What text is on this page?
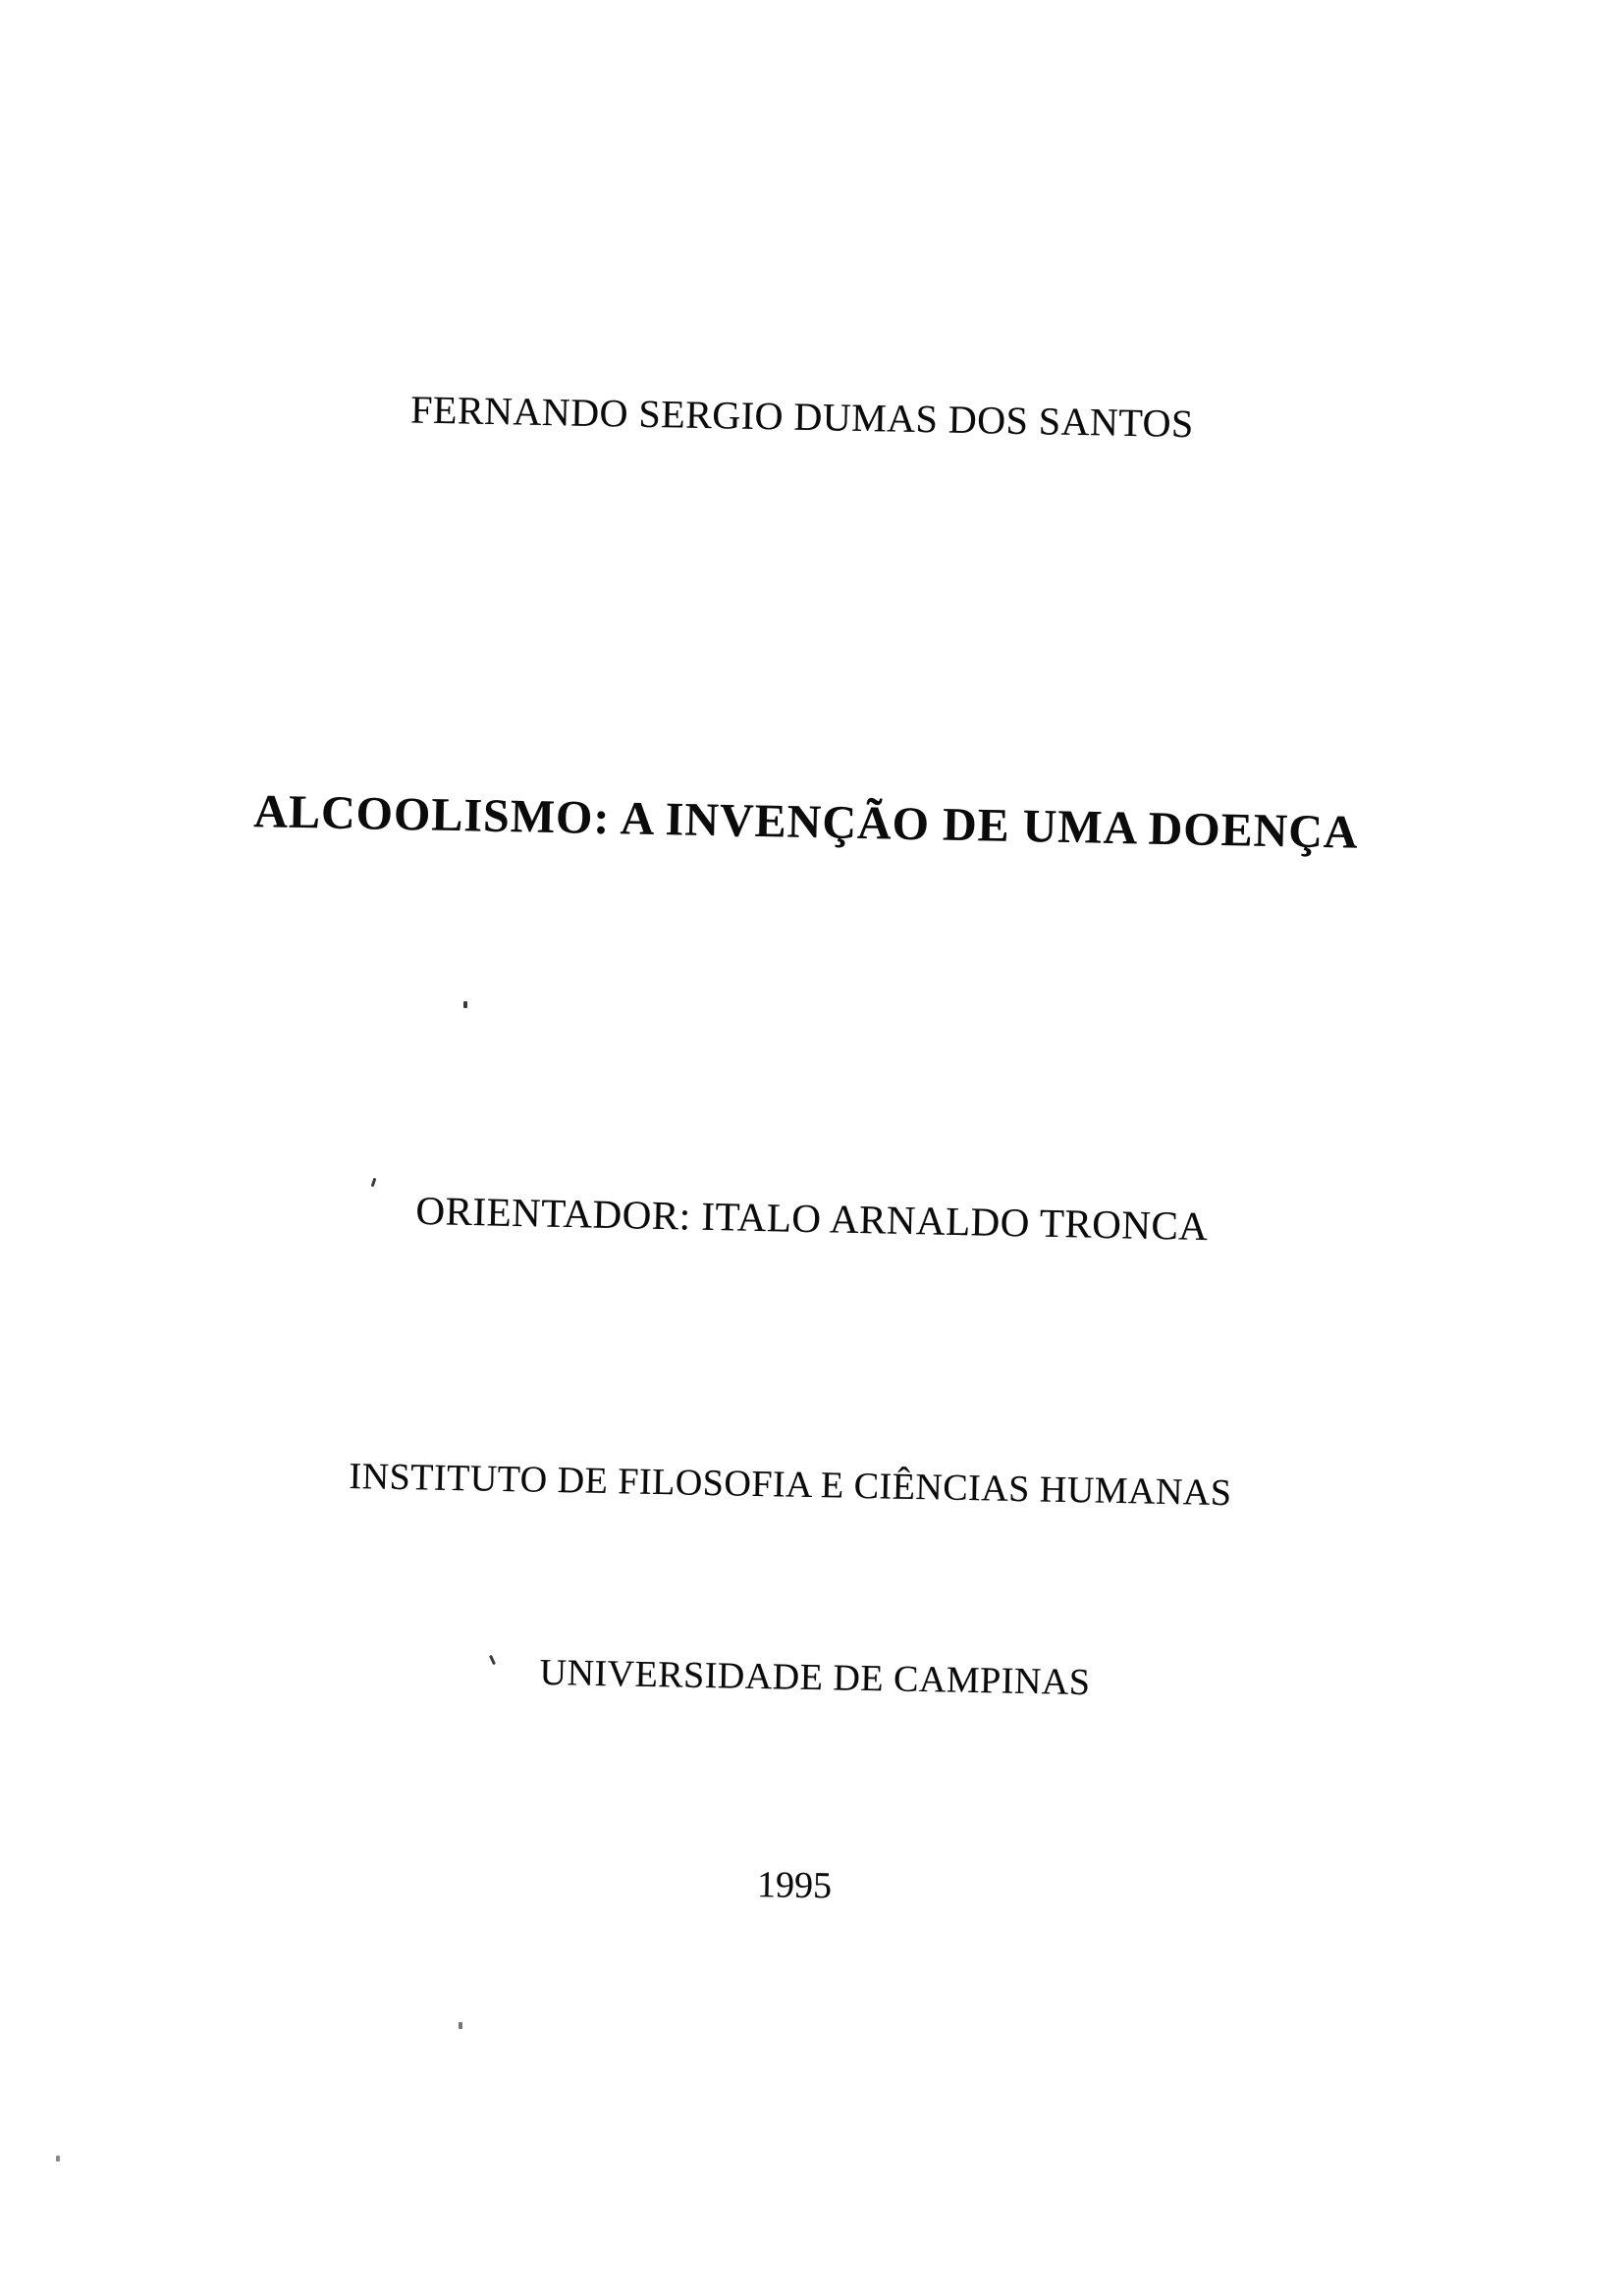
FERNANDO SERGIO DUMAS DOS SANTOS
ALCOOLISMO: A INVENÇÃO DE UMA DOENÇA
ORIENTADOR: ITALO ARNALDO TRONCA
INSTITUTO DE FILOSOFIA E CIÊNCIAS HUMANAS
UNIVERSIDADE DE CAMPINAS
1995
